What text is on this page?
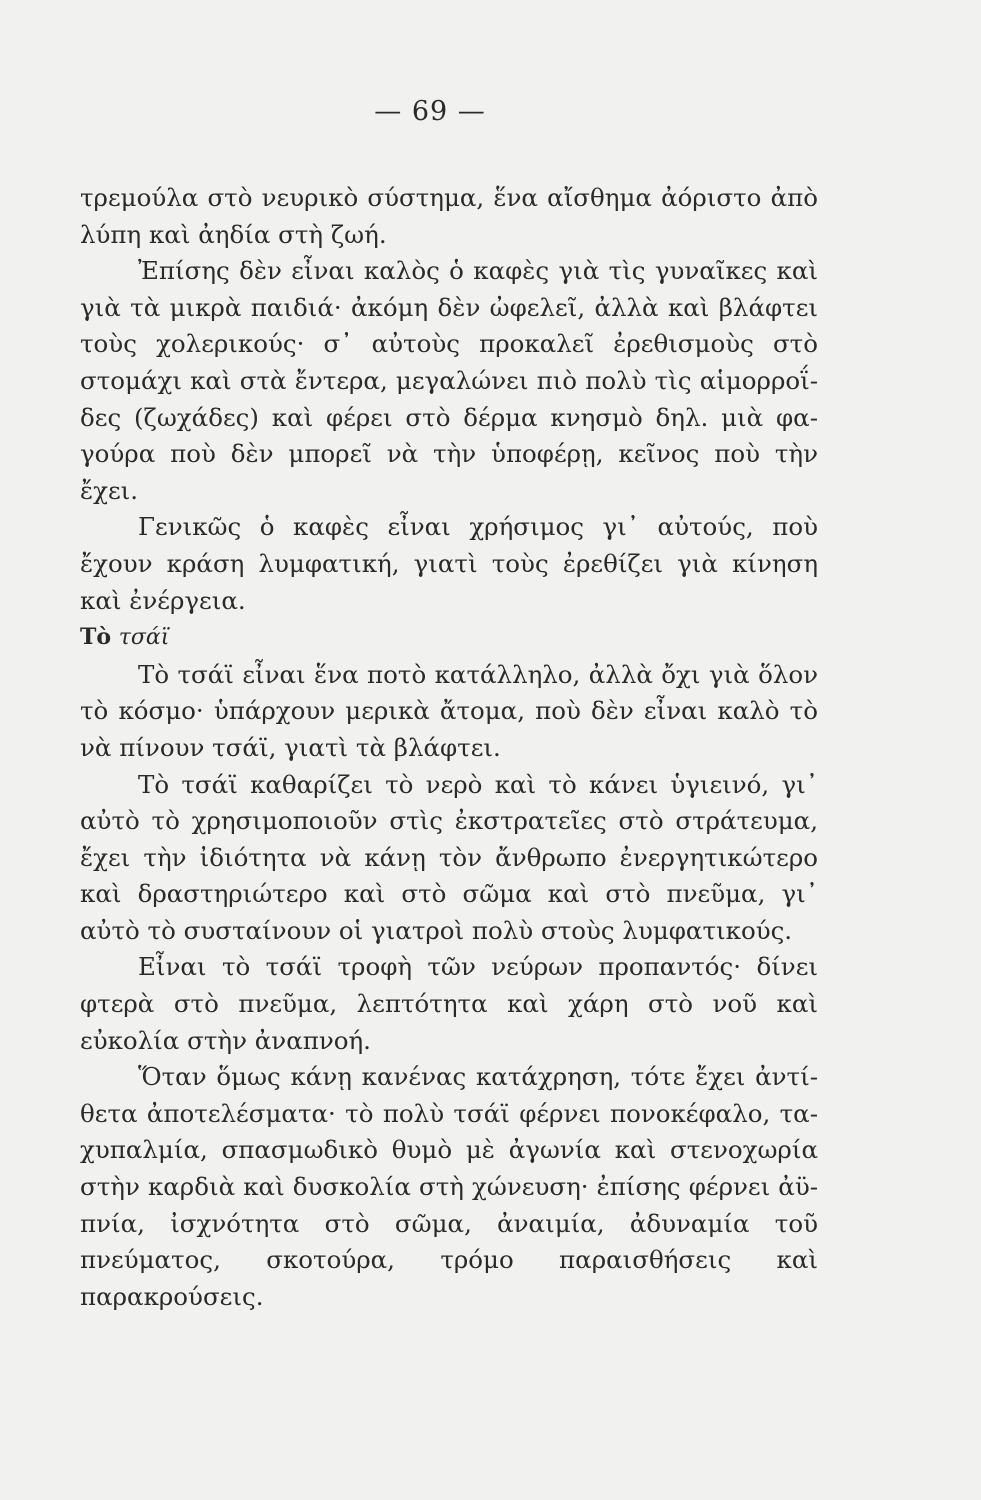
— 69 —

τρεμούλα στὸ νευρικὸ σύστημα, ἕνα αἴσθημα ἀόριστο ἀπὸ λύπη καὶ ἀηδία στὴ ζωή.

Ἐπίσης δὲν εἶναι καλὸς ὁ καφὲς γιὰ τὶς γυναῖκες καὶ γιὰ τὰ μικρὰ παιδιά· ἀκόμη δὲν ὠφελεῖ, ἀλλὰ καὶ βλάφτει τοὺς χολερικούς· σ᾽ αὐτοὺς προκαλεῖ ἐρεθισμοὺς στὸ στομάχι καὶ στὰ ἔντερα, μεγαλώνει πιὸ πολὺ τὶς αἱμορροΐδες (ζωχάδες) καὶ φέρει στὸ δέρμα κνησμὸ δηλ. μιὰ φαγούρα ποὺ δὲν μπορεῖ νὰ τὴν ὑποφέρῃ, κεῖνος ποὺ τὴν ἔχει.

Γενικῶς ὁ καφὲς εἶναι χρήσιμος γι᾽ αὐτούς, ποὺ ἔχουν κράση λυμφατική, γιατὶ τοὺς ἐρεθίζει γιὰ κίνηση καὶ ἐνέργεια.

Τὸ τσάϊ

Τὸ τσάϊ εἶναι ἕνα ποτὸ κατάλληλο, ἀλλὰ ὄχι γιὰ ὅλον τὸ κόσμο· ὑπάρχουν μερικὰ ἄτομα, ποὺ δὲν εἶναι καλὸ τὸ νὰ πίνουν τσάϊ, γιατὶ τὰ βλάφτει.

Τὸ τσάϊ καθαρίζει τὸ νερὸ καὶ τὸ κάνει ὑγιεινό, γι᾽ αὐτὸ τὸ χρησιμοποιοῦν στὶς ἐκστρατεῖες στὸ στράτευμα, ἔχει τὴν ἰδιότητα νὰ κάνῃ τὸν ἄνθρωπο ἐνεργητικώτερο καὶ δραστηριώτερο καὶ στὸ σῶμα καὶ στὸ πνεῦμα, γι᾽ αὐτὸ τὸ συσταίνουν οἱ γιατροὶ πολὺ στοὺς λυμφατικούς.

Εἶναι τὸ τσάϊ τροφὴ τῶν νεύρων προπαντός· δίνει φτερὰ στὸ πνεῦμα, λεπτότητα καὶ χάρη στὸ νοῦ καὶ εὐκολία στὴν ἀναπνοή.

Ὅταν ὅμως κάνῃ κανένας κατάχρηση, τότε ἔχει ἀντίθετα ἀποτελέσματα· τὸ πολὺ τσάϊ φέρνει πονοκέφαλο, ταχυπαλμία, σπασμωδικὸ θυμὸ μὲ ἀγωνία καὶ στενοχωρία στὴν καρδιὰ καὶ δυσκολία στὴ χώνευση· ἐπίσης φέρνει ἀϋπνία, ἰσχνότητα στὸ σῶμα, ἀναιμία, ἀδυναμία τοῦ πνεύματος, σκοτούρα, τρόμο παραισθήσεις καὶ παρακρούσεις.
